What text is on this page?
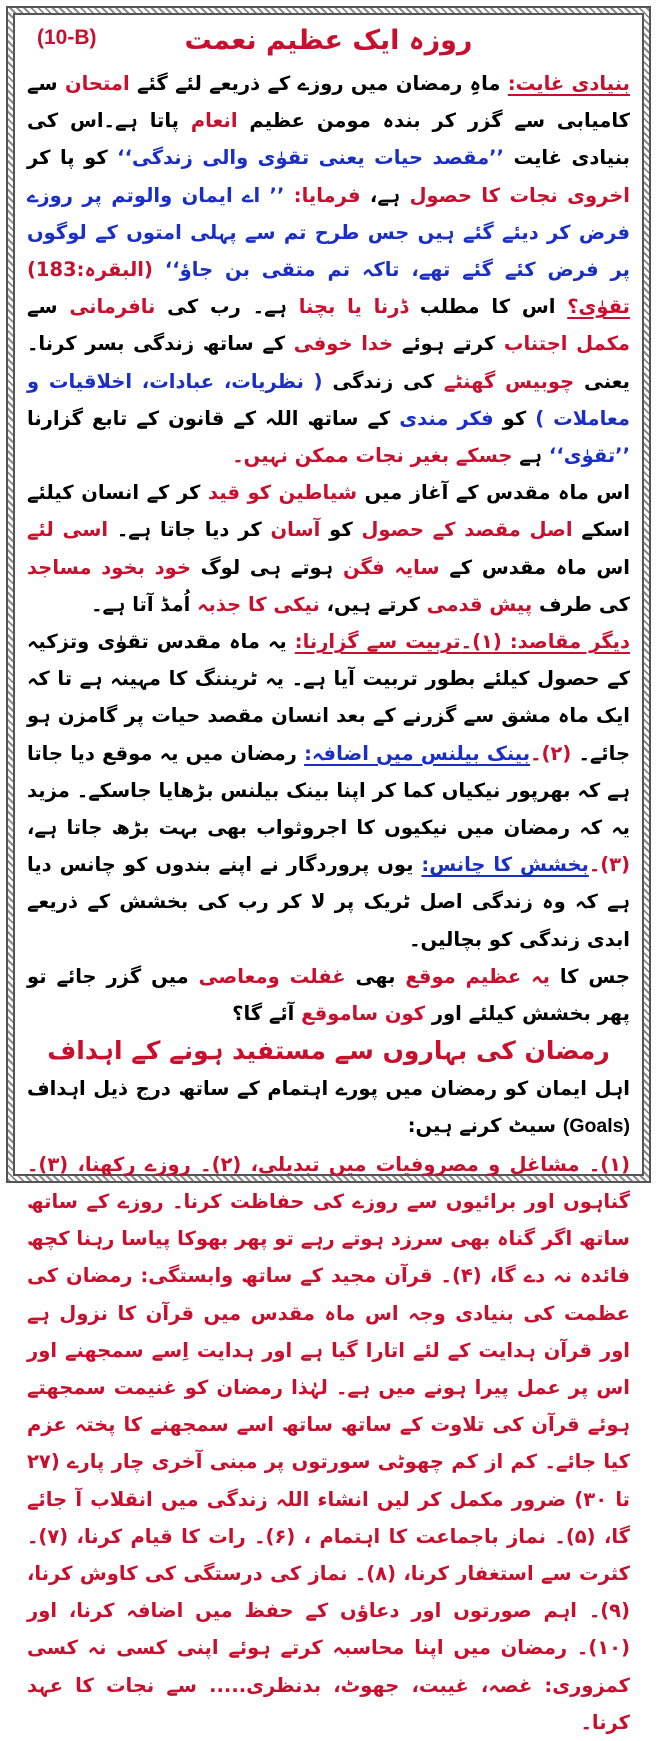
(10-B)	روزہ ایک عظیم نعمت

بنیادی غایت: ماہِ رمضان میں روزے کے ذریعے لئے گئے امتحان سے کامیابی سے گزر کر بندہ مومن عظیم انعام پاتا ہے۔اس کی بنیادی غایت ’’مقصد حیات یعنی تقوٰی والی زندگی‘‘ کو پا کر اخروی نجات کا حصول ہے، فرمایا: ’’ اے ایمان والوتم پر روزے فرض کر دیئے گئے ہیں جس طرح تم سے پہلی امتوں کے لوگوں پر فرض کئے گئے تھے، تاکہ تم متقی بن جاؤ‘‘ (البقرہ:183) تقوٰی؟ اس کا مطلب ڈرنا یا بچنا ہے۔ رب کی نافرمانی سے مکمل اجتناب کرتے ہوئے خدا خوفی کے ساتھ زندگی بسر کرنا۔ یعنی چوبیس گھنٹے کی زندگی ( نظریات، عبادات، اخلاقیات و معاملات ) کو فکر مندی کے ساتھ اللہ کے قانون کے تابع گزارنا ’’تقوٰی‘‘ ہے جسکے بغیر نجات ممکن نہیں۔

اس ماہ مقدس کے آغاز میں شیاطین کو قید کر کے انسان کیلئے اسکے اصل مقصد کے حصول کو آسان کر دیا جاتا ہے۔ اسی لئے اس ماہ مقدس کے سایہ فگن ہوتے ہی لوگ خود بخود مساجد کی طرف پیش قدمی کرتے ہیں، نیکی کا جذبہ اُمڈ آتا ہے۔

دیگر مقاصد: (۱)۔تربیت سے گزارنا: یہ ماہ مقدس تقوٰی وتزکیہ کے حصول کیلئے بطور تربیت آیا ہے۔ یہ ٹریننگ کا مہینہ ہے تا کہ ایک ماہ مشق سے گزرنے کے بعد انسان مقصد حیات پر گامزن ہو جائے۔ (۲)۔بینک بیلنس میں اضافہ: رمضان میں یہ موقع دیا جاتا ہے کہ بھرپور نیکیاں کما کر اپنا بینک بیلنس بڑھایا جاسکے۔ مزید یہ کہ رمضان میں نیکیوں کا اجروثواب بھی بہت بڑھ جاتا ہے، (۳)۔بخشش کا چانس: یوں پروردگار نے اپنے بندوں کو چانس دیا ہے کہ وہ زندگی اصل ٹریک پر لا کر رب کی بخشش کے ذریعے ابدی زندگی کو بچالیں۔

جس کا یہ عظیم موقع بھی غفلت ومعاصی میں گزر جائے تو پھر بخشش کیلئے اور کون ساموقع آئے گا؟

رمضان کی بہاروں سے مستفید ہونے کے اہداف

اہل ایمان کو رمضان میں پورے اہتمام کے ساتھ درج ذیل اہداف (Goals) سیٹ کرنے ہیں:

(۱)۔ مشاغل و مصروفیات میں تبدیلی، (۲)۔ روزے رکھنا، (۳)۔ گناہوں اور برائیوں سے روزے کی حفاظت کرنا۔ روزے کے ساتھ ساتھ اگر گناہ بھی سرزد ہوتے رہے تو پھر بھوکا پیاسا رہنا کچھ فائدہ نہ دے گا، (۴)۔ قرآن مجید کے ساتھ وابستگی: رمضان کی عظمت کی بنیادی وجہ اس ماہ مقدس میں قرآن کا نزول ہے اور قرآن ہدایت کے لئے اتارا گیا ہے اور ہدایت اِسے سمجھنے اور اس پر عمل پیرا ہونے میں ہے۔ لہٰذا رمضان کو غنیمت سمجھتے ہوئے قرآن کی تلاوت کے ساتھ ساتھ اسے سمجھنے کا پختہ عزم کیا جائے۔ کم از کم چھوٹی سورتوں پر مبنی آخری چار پارے (۲۷ تا ۳۰) ضرور مکمل کر لیں انشاء اللہ زندگی میں انقلاب آ جائے گا، (۵)۔ نماز باجماعت کا اہتمام ، (۶)۔ رات کا قیام کرنا، (۷)۔ کثرت سے استغفار کرنا، (۸)۔ نماز کی درستگی کی کاوش کرنا، (۹)۔ اہم صورتوں اور دعاؤں کے حفظ میں اضافہ کرنا، اور (۱۰)۔ رمضان میں اپنا محاسبہ کرتے ہوئے اپنی کسی نہ کسی کمزوری: غصہ، غیبت، جھوٹ، بدنظری..... سے نجات کا عہد کرنا۔
